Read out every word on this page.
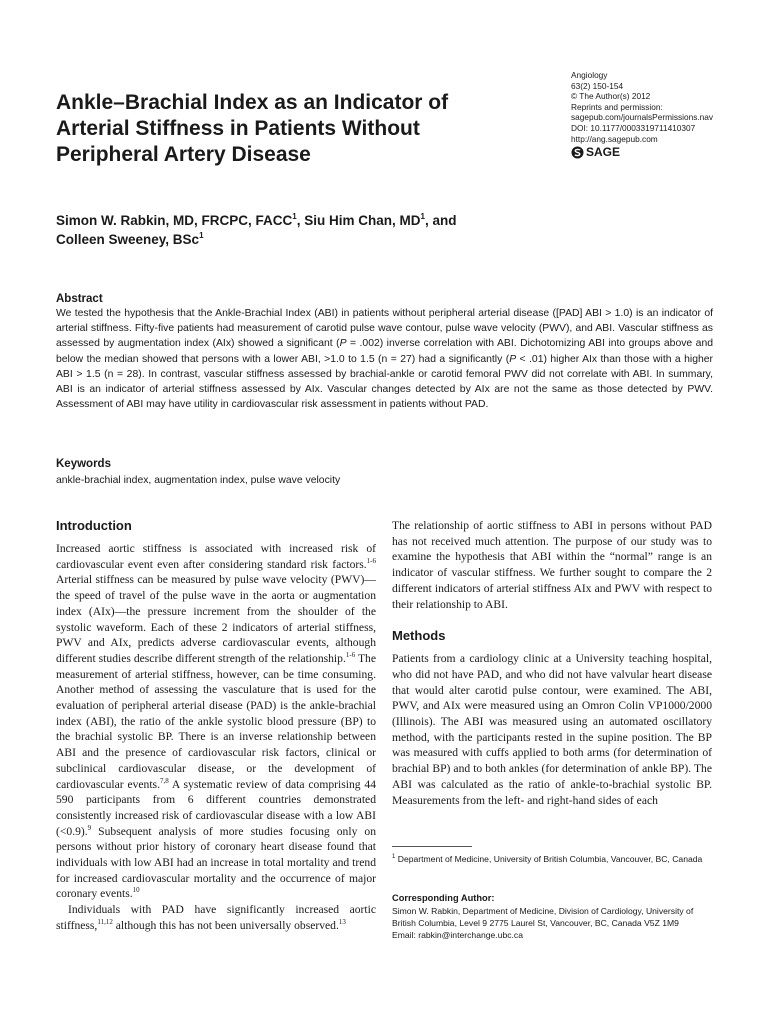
Ankle–Brachial Index as an Indicator of Arterial Stiffness in Patients Without Peripheral Artery Disease
Angiology
63(2) 150-154
© The Author(s) 2012
Reprints and permission:
sagepub.com/journalsPermissions.nav
DOI: 10.1177/0003319711410307
http://ang.sagepub.com
SAGE
Simon W. Rabkin, MD, FRCPC, FACC$^1$, Siu Him Chan, $MD^1$, and
Colleen Sweeney, BSc$^1$
Abstract
We tested the hypothesis that the Ankle-Brachial Index (ABI) in patients without peripheral arterial disease ([PAD] ABI > 1.0) is an indicator of arterial stiffness. Fifty-five patients had measurement of carotid pulse wave contour, pulse wave velocity (PWV), and ABI. Vascular stiffness as assessed by augmentation index (AIx) showed a significant (P = .002) inverse correlation with ABI. Dichotomizing ABI into groups above and below the median showed that persons with a lower ABI, >1.0 to 1.5 (n = 27) had a significantly (P < .01) higher AIx than those with a higher ABI > 1.5 (n = 28). In contrast, vascular stiffness assessed by brachial-ankle or carotid femoral PWV did not correlate with ABI. In summary, ABI is an indicator of arterial stiffness assessed by AIx. Vascular changes detected by AIx are not the same as those detected by PWV. Assessment of ABI may have utility in cardiovascular risk assessment in patients without PAD.
Keywords
ankle-brachial index, augmentation index, pulse wave velocity
Introduction

Increased aortic stiffness is associated with increased risk of cardiovascular event even after considering standard risk factors.$^{1-6}$ Arterial stiffness can be measured by pulse wave velocity (PWV)—the speed of travel of the pulse wave in the aorta or augmentation index (AIx)—the pressure increment from the shoulder of the systolic waveform. Each of these 2 indicators of arterial stiffness, PWV and AIx, predicts adverse cardiovascular events, although different studies describe different strength of the relationship.$^{1-6}$ The measurement of arterial stiffness, however, can be time consuming. Another method of assessing the vasculature that is used for the evaluation of peripheral arterial disease (PAD) is the ankle-brachial index (ABI), the ratio of the ankle systolic blood pressure (BP) to the brachial systolic BP. There is an inverse relationship between ABI and the presence of cardiovascular risk factors, clinical or subclinical cardiovascular disease, or the development of cardiovascular events.$^{7,8}$ A systematic review of data comprising 44 590 participants from 6 different countries demonstrated consistently increased risk of cardiovascular disease with a low ABI (<0.9).$^9$ Subsequent analysis of more studies focusing only on persons without prior history of coronary heart disease found that individuals with low ABI had an increase in total mortality and trend for increased cardiovascular mortality and the occurrence of major coronary events.$^{10}$

Individuals with PAD have significantly increased aortic stiffness,$^{11,12}$ although this has not been universally observed.$^{13}$

The relationship of aortic stiffness to ABI in persons without PAD has not received much attention. The purpose of our study was to examine the hypothesis that ABI within the “normal” range is an indicator of vascular stiffness. We further sought to compare the 2 different indicators of arterial stiffness AIx and PWV with respect to their relationship to ABI.

Methods

Patients from a cardiology clinic at a University teaching hospital, who did not have PAD, and who did not have valvular heart disease that would alter carotid pulse contour, were examined. The ABI, PWV, and AIx were measured using an Omron Colin VP1000/2000 (Illinois). The ABI was measured using an automated oscillatory method, with the participants rested in the supine position. The BP was measured with cuffs applied to both arms (for determination of brachial BP) and to both ankles (for determination of ankle BP). The ABI was calculated as the ratio of ankle-to-brachial systolic BP. Measurements from the left- and right-hand sides of each

$^1$ Department of Medicine, University of British Columbia, Vancouver, BC, Canada
Corresponding Author:
Simon W. Rabkin, Department of Medicine, Division of Cardiology, University of British Columbia, Level 9 2775 Laurel St, Vancouver, BC, Canada V5Z 1M9
Email: rabkin@interchange.ubc.ca
